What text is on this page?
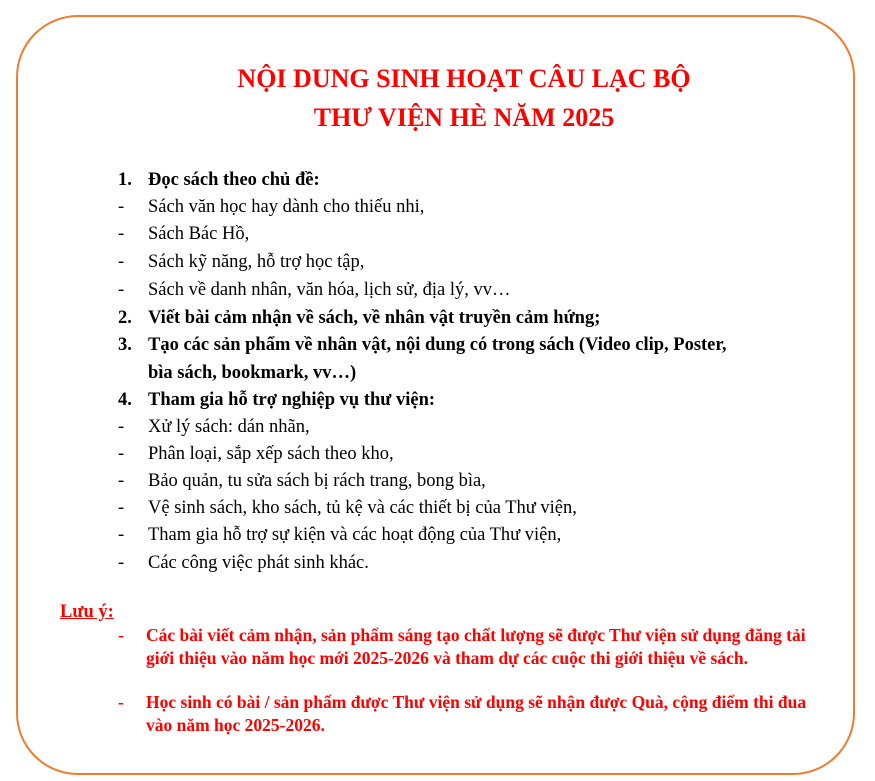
NỘI DUNG SINH HOẠT CÂU LẠC BỘ
THƯ VIỆN HÈ NĂM 2025
1. Đọc sách theo chủ đề:
- Sách văn học hay dành cho thiếu nhi,
- Sách Bác Hồ,
- Sách kỹ năng, hỗ trợ học tập,
- Sách về danh nhân, văn hóa, lịch sử, địa lý, vv…
2. Viết bài cảm nhận về sách, về nhân vật truyền cảm hứng;
3. Tạo các sản phẩm về nhân vật, nội dung có trong sách (Video clip, Poster,
bìa sách, bookmark, vv…)
4. Tham gia hỗ trợ nghiệp vụ thư viện:
- Xử lý sách: dán nhãn,
- Phân loại, sắp xếp sách theo kho,
- Bảo quản, tu sửa sách bị rách trang, bong bìa,
- Vệ sinh sách, kho sách, tủ kệ và các thiết bị của Thư viện,
- Tham gia hỗ trợ sự kiện và các hoạt động của Thư viện,
- Các công việc phát sinh khác.
Lưu ý:
- Các bài viết cảm nhận, sản phẩm sáng tạo chất lượng sẽ được Thư viện sử dụng đăng tải giới thiệu vào năm học mới 2025-2026 và tham dự các cuộc thi giới thiệu về sách.
- Học sinh có bài / sản phẩm được Thư viện sử dụng sẽ nhận được Quà, cộng điểm thi đua vào năm học 2025-2026.
